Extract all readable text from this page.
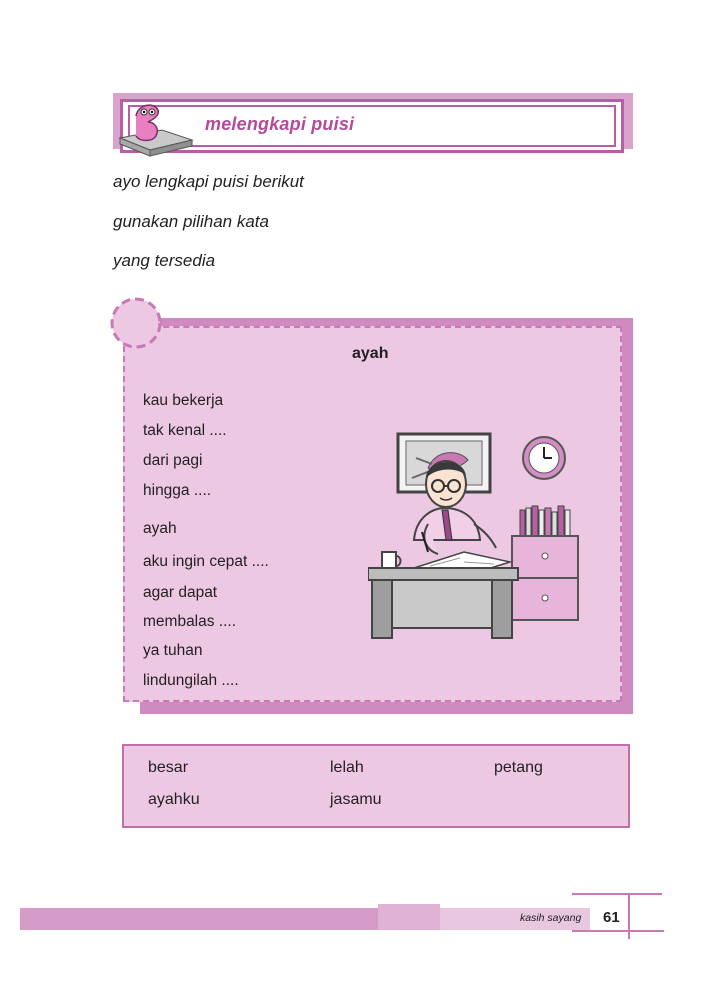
melengkapi puisi
ayo lengkapi puisi berikut
gunakan pilihan kata
yang tersedia
ayah
kau bekerja
tak kenal ....
dari pagi
hingga ....
ayah
aku ingin cepat ....
agar dapat
membalas ....
ya tuhan
lindungilah ....
besar	lelah	petang
ayahku	jasamu
kasih sayang 61
